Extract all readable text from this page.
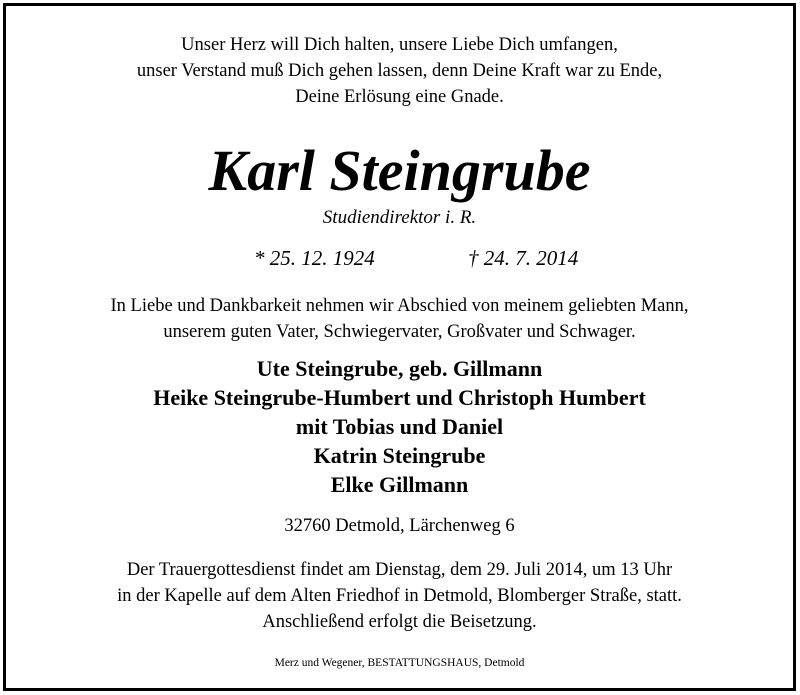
Unser Herz will Dich halten, unsere Liebe Dich umfangen,
unser Verstand muß Dich gehen lassen, denn Deine Kraft war zu Ende,
Deine Erlösung eine Gnade.
Karl Steingrube
Studiendirektor i. R.
* 25. 12. 1924	† 24. 7. 2014
In Liebe und Dankbarkeit nehmen wir Abschied von meinem geliebten Mann,
unserem guten Vater, Schwiegervater, Großvater und Schwager.
Ute Steingrube, geb. Gillmann
Heike Steingrube-Humbert und Christoph Humbert
mit Tobias und Daniel
Katrin Steingrube
Elke Gillmann
32760 Detmold, Lärchenweg 6
Der Trauergottesdienst findet am Dienstag, dem 29. Juli 2014, um 13 Uhr
in der Kapelle auf dem Alten Friedhof in Detmold, Blomberger Straße, statt.
Anschließend erfolgt die Beisetzung.
Merz und Wegener, BESTATTUNGSHAUS, Detmold
